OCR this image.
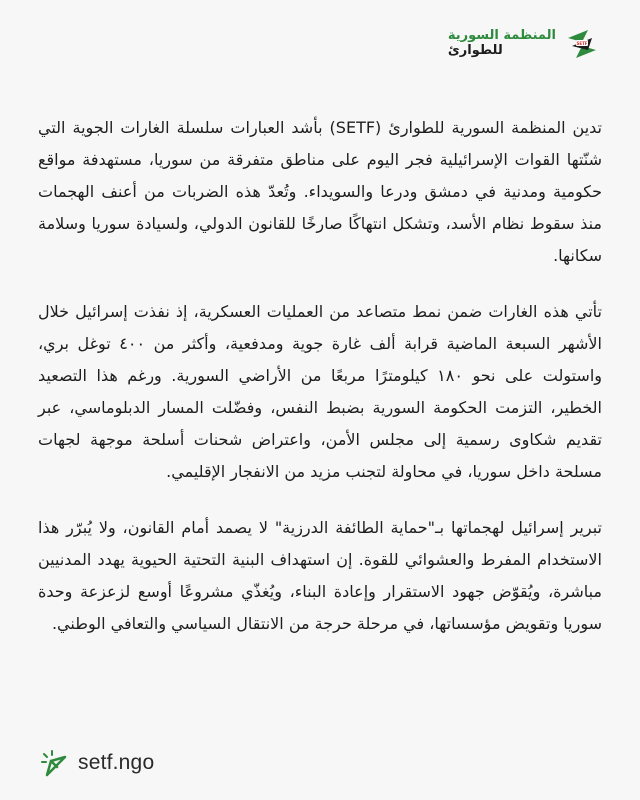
SETF
المنظمة السورية
للطوارئ

تدين المنظمة السورية للطوارئ (SETF) بأشد العبارات سلسلة الغارات الجوية التي شنّتها القوات الإسرائيلية فجر اليوم على مناطق متفرقة من سوريا، مستهدفة مواقع حكومية ومدنية في دمشق ودرعا والسويداء. وتُعدّ هذه الضربات من أعنف الهجمات منذ سقوط نظام الأسد، وتشكل انتهاكًا صارخًا للقانون الدولي، ولسيادة سوريا وسلامة سكانها.

تأتي هذه الغارات ضمن نمط متصاعد من العمليات العسكرية، إذ نفذت إسرائيل خلال الأشهر السبعة الماضية قرابة ألف غارة جوية ومدفعية، وأكثر من ٤٠٠ توغل بري، واستولت على نحو ١٨٠ كيلومترًا مربعًا من الأراضي السورية. ورغم هذا التصعيد الخطير، التزمت الحكومة السورية بضبط النفس، وفضّلت المسار الدبلوماسي، عبر تقديم شكاوى رسمية إلى مجلس الأمن، واعتراض شحنات أسلحة موجهة لجهات مسلحة داخل سوريا، في محاولة لتجنب مزيد من الانفجار الإقليمي.

تبرير إسرائيل لهجماتها بـ"حماية الطائفة الدرزية" لا يصمد أمام القانون، ولا يُبرّر هذا الاستخدام المفرط والعشوائي للقوة. إن استهداف البنية التحتية الحيوية يهدد المدنيين مباشرة، ويُقوّض جهود الاستقرار وإعادة البناء، ويُغذّي مشروعًا أوسع لزعزعة وحدة سوريا وتقويض مؤسساتها، في مرحلة حرجة من الانتقال السياسي والتعافي الوطني.

setf.ngo
